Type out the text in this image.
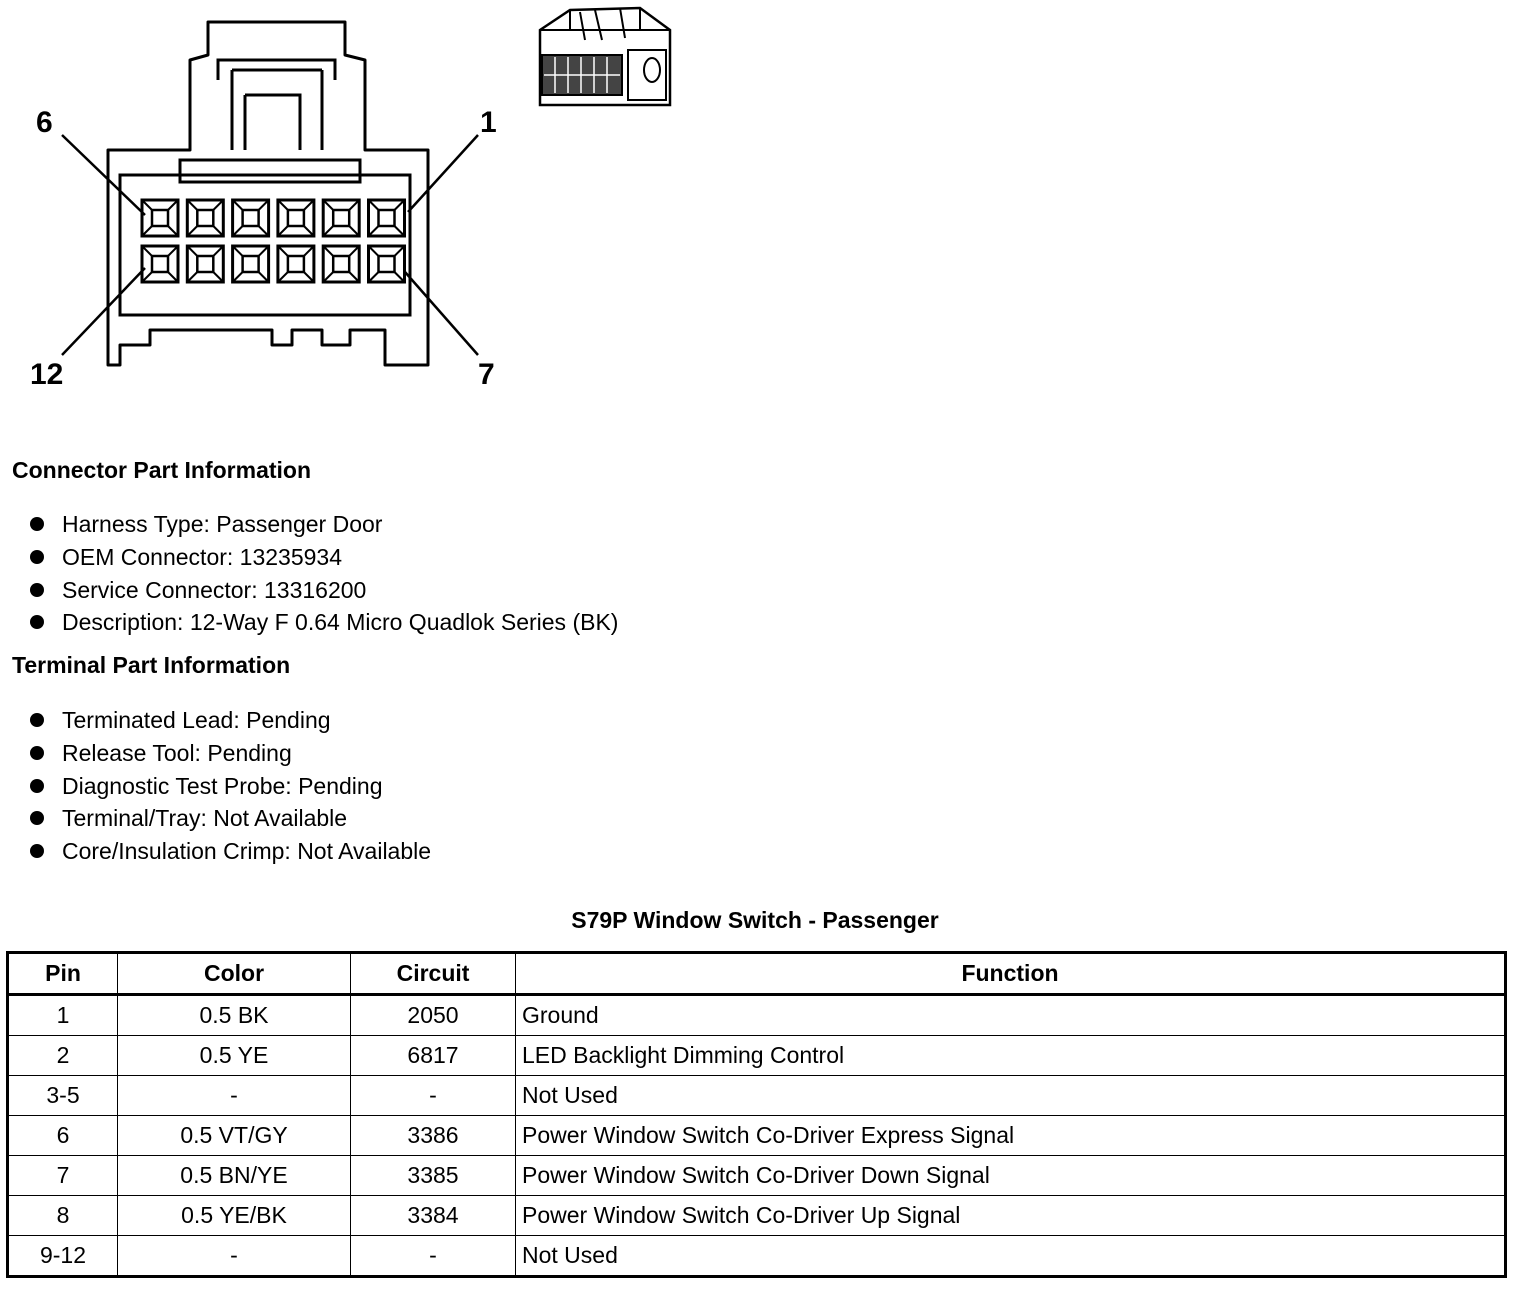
6	1
12	7
Connector Part Information
Harness Type: Passenger Door
OEM Connector: 13235934
Service Connector: 13316200
Description: 12-Way F 0.64 Micro Quadlok Series (BK)
Terminal Part Information
Terminated Lead: Pending
Release Tool: Pending
Diagnostic Test Probe: Pending
Terminal/Tray: Not Available
Core/Insulation Crimp: Not Available
S79P Window Switch - Passenger
Pin	Color	Circuit	Function
1	0.5 BK	2050	Ground
2	0.5 YE	6817	LED Backlight Dimming Control
3-5	-	-	Not Used
6	0.5 VT/GY	3386	Power Window Switch Co-Driver Express Signal
7	0.5 BN/YE	3385	Power Window Switch Co-Driver Down Signal
8	0.5 YE/BK	3384	Power Window Switch Co-Driver Up Signal
9-12	-	-	Not Used
